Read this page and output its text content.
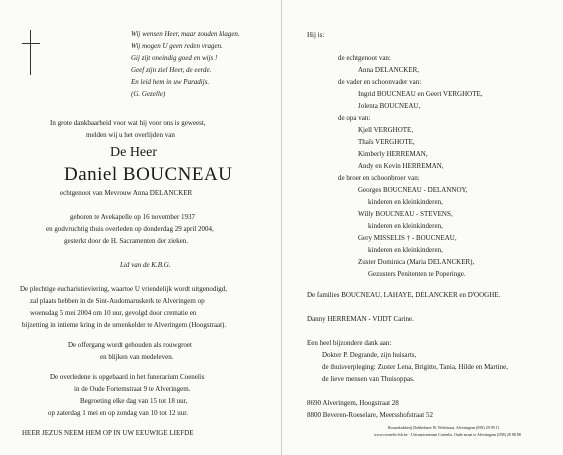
Wij wensen Heer, maar zouden klagen.
Wij mogen U geen reden vragen.
Gij zijt oneindig goed en wijs !
Geef zijn ziel Heer, de eerde.
En leid hem in uw Paradijs.
(G. Gezelle)
In grote dankbaarheid voor wat hij voor ons is geweest,
melden wij u het overlijden van
De Heer
Daniel BOUCNEAU
echtgenoot van Mevrouw Anna DELANCKER
geboren te Avekapelle op 16 november 1937
en godvruchtig thuis overleden op donderdag 29 april 2004,
gesterkt door de H. Sacramenten der zieken.
Lid van de K.B.G.
De plechtige eucharistieviering, waartoe U vriendelijk wordt uitgenodigd,
zal plaats hebben in de Sint-Audomaruskerk te Alveringem op
woensdag 5 mei 2004 om 10 uur, gevolgd door crematie en
bijzetting in intieme kring in de urnenkelder te Alveringem (Hoogstraat).
De offergang wordt gehouden als rouwgroet
en blijken van medeleven.
De overledene is opgebaard in het funerarium Coenelis
in de Oude Fortemstraat 9 te Alveringem.
Begroeting elke dag van 15 tot 18 uur,
op zaterdag 1 mei en op zondag van 10 tot 12 uur.
HEER JEZUS NEEM HEM OP IN UW EEUWIGE LIEFDE
Hij is:
de echtgenoot van:
Anna DELANCKER,
de vader en schoonvader van:
Ingrid BOUCNEAU en Geert VERGHOTE,
Jolenta BOUCNEAU,
de opa van:
Kjell VERGHOTE,
Thaïs VERGHOTE,
Kimberly HERREMAN,
Andy en Kevin HERREMAN,
de broer en schoonbroer van:
Georges BOUCNEAU - DELANNOY,
kinderen en kleinkinderen,
Willy BOUCNEAU - STEVENS,
kinderen en kleinkinderen,
Gery MISSELIS † - BOUCNEAU,
kinderen en kleinkinderen,
Zuster Dominica (Maria DELANCKER),
Gezusters Penitenten te Poperinge.
De families BOUCNEAU, LAHAYE, DELANCKER en D'OOGHE.
Danny HERREMAN - VIJDT Carine.
Een heel bijzondere dank aan:
Dokter P. Degrande, zijn huisarts,
de thuisverpleging: Zuster Lena, Brigitte, Tania, Hilde en Martine,
de lieve mensen van Thuisoppas.
8690 Alveringem, Hoogstraat 28
8800 Beveren-Roeselare, Meersshofstraat 52
Rouwdrukkerij Dobbelaere W. Wielstraat, Alveringem (058) 29 99 11
www.coenelis-fsb.be - Uitvaartcentrum Coenelis, Oude straat te Alveringem (058) 28 88 88
